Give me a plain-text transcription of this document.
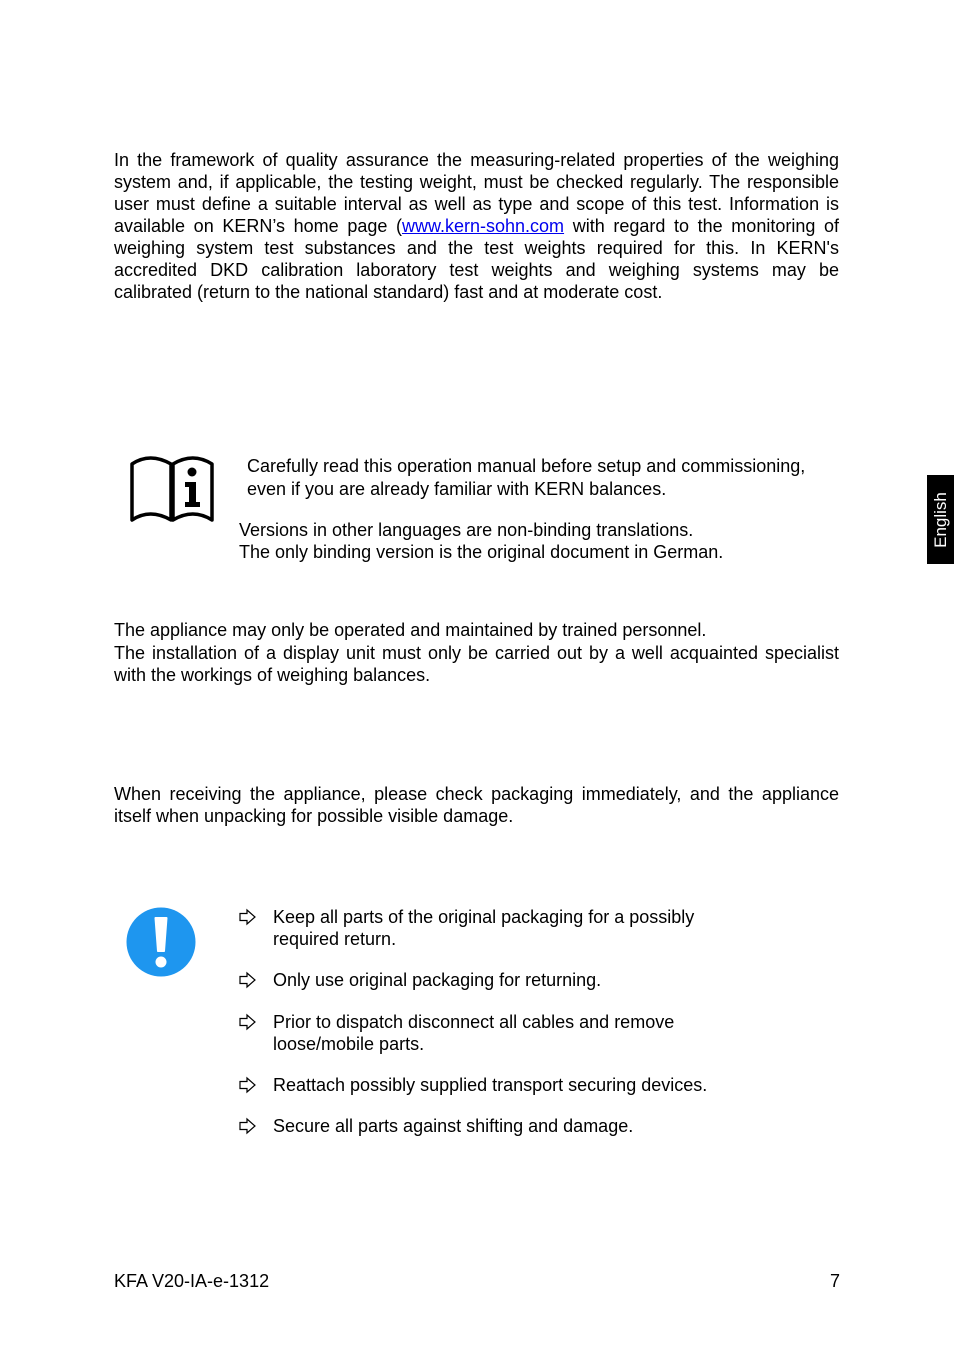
In the framework of quality assurance the measuring-related properties of the weighing system and, if applicable, the testing weight, must be checked regularly. The responsible user must define a suitable interval as well as type and scope of this test. Information is available on KERN’s home page (www.kern-sohn.com with regard to the monitoring of weighing system test substances and the test weights required for this. In KERN's accredited DKD calibration laboratory test weights and weighing systems may be calibrated (return to the national standard) fast and at moderate cost.
Carefully read this operation manual before setup and commissioning,
even if you are already familiar with KERN balances.
Versions in other languages are non-binding translations.
The only binding version is the original document in German.
English
The appliance may only be operated and maintained by trained personnel.
The installation of a display unit must only be carried out by a well acquainted specialist with the workings of weighing balances.
When receiving the appliance, please check packaging immediately, and the appliance itself when unpacking for possible visible damage.
Keep all parts of the original packaging for a possibly
required return.
Only use original packaging for returning.
Prior to dispatch disconnect all cables and remove
loose/mobile parts.
Reattach possibly supplied transport securing devices.
Secure all parts against shifting and damage.
KFA V20-IA-e-1312	7
